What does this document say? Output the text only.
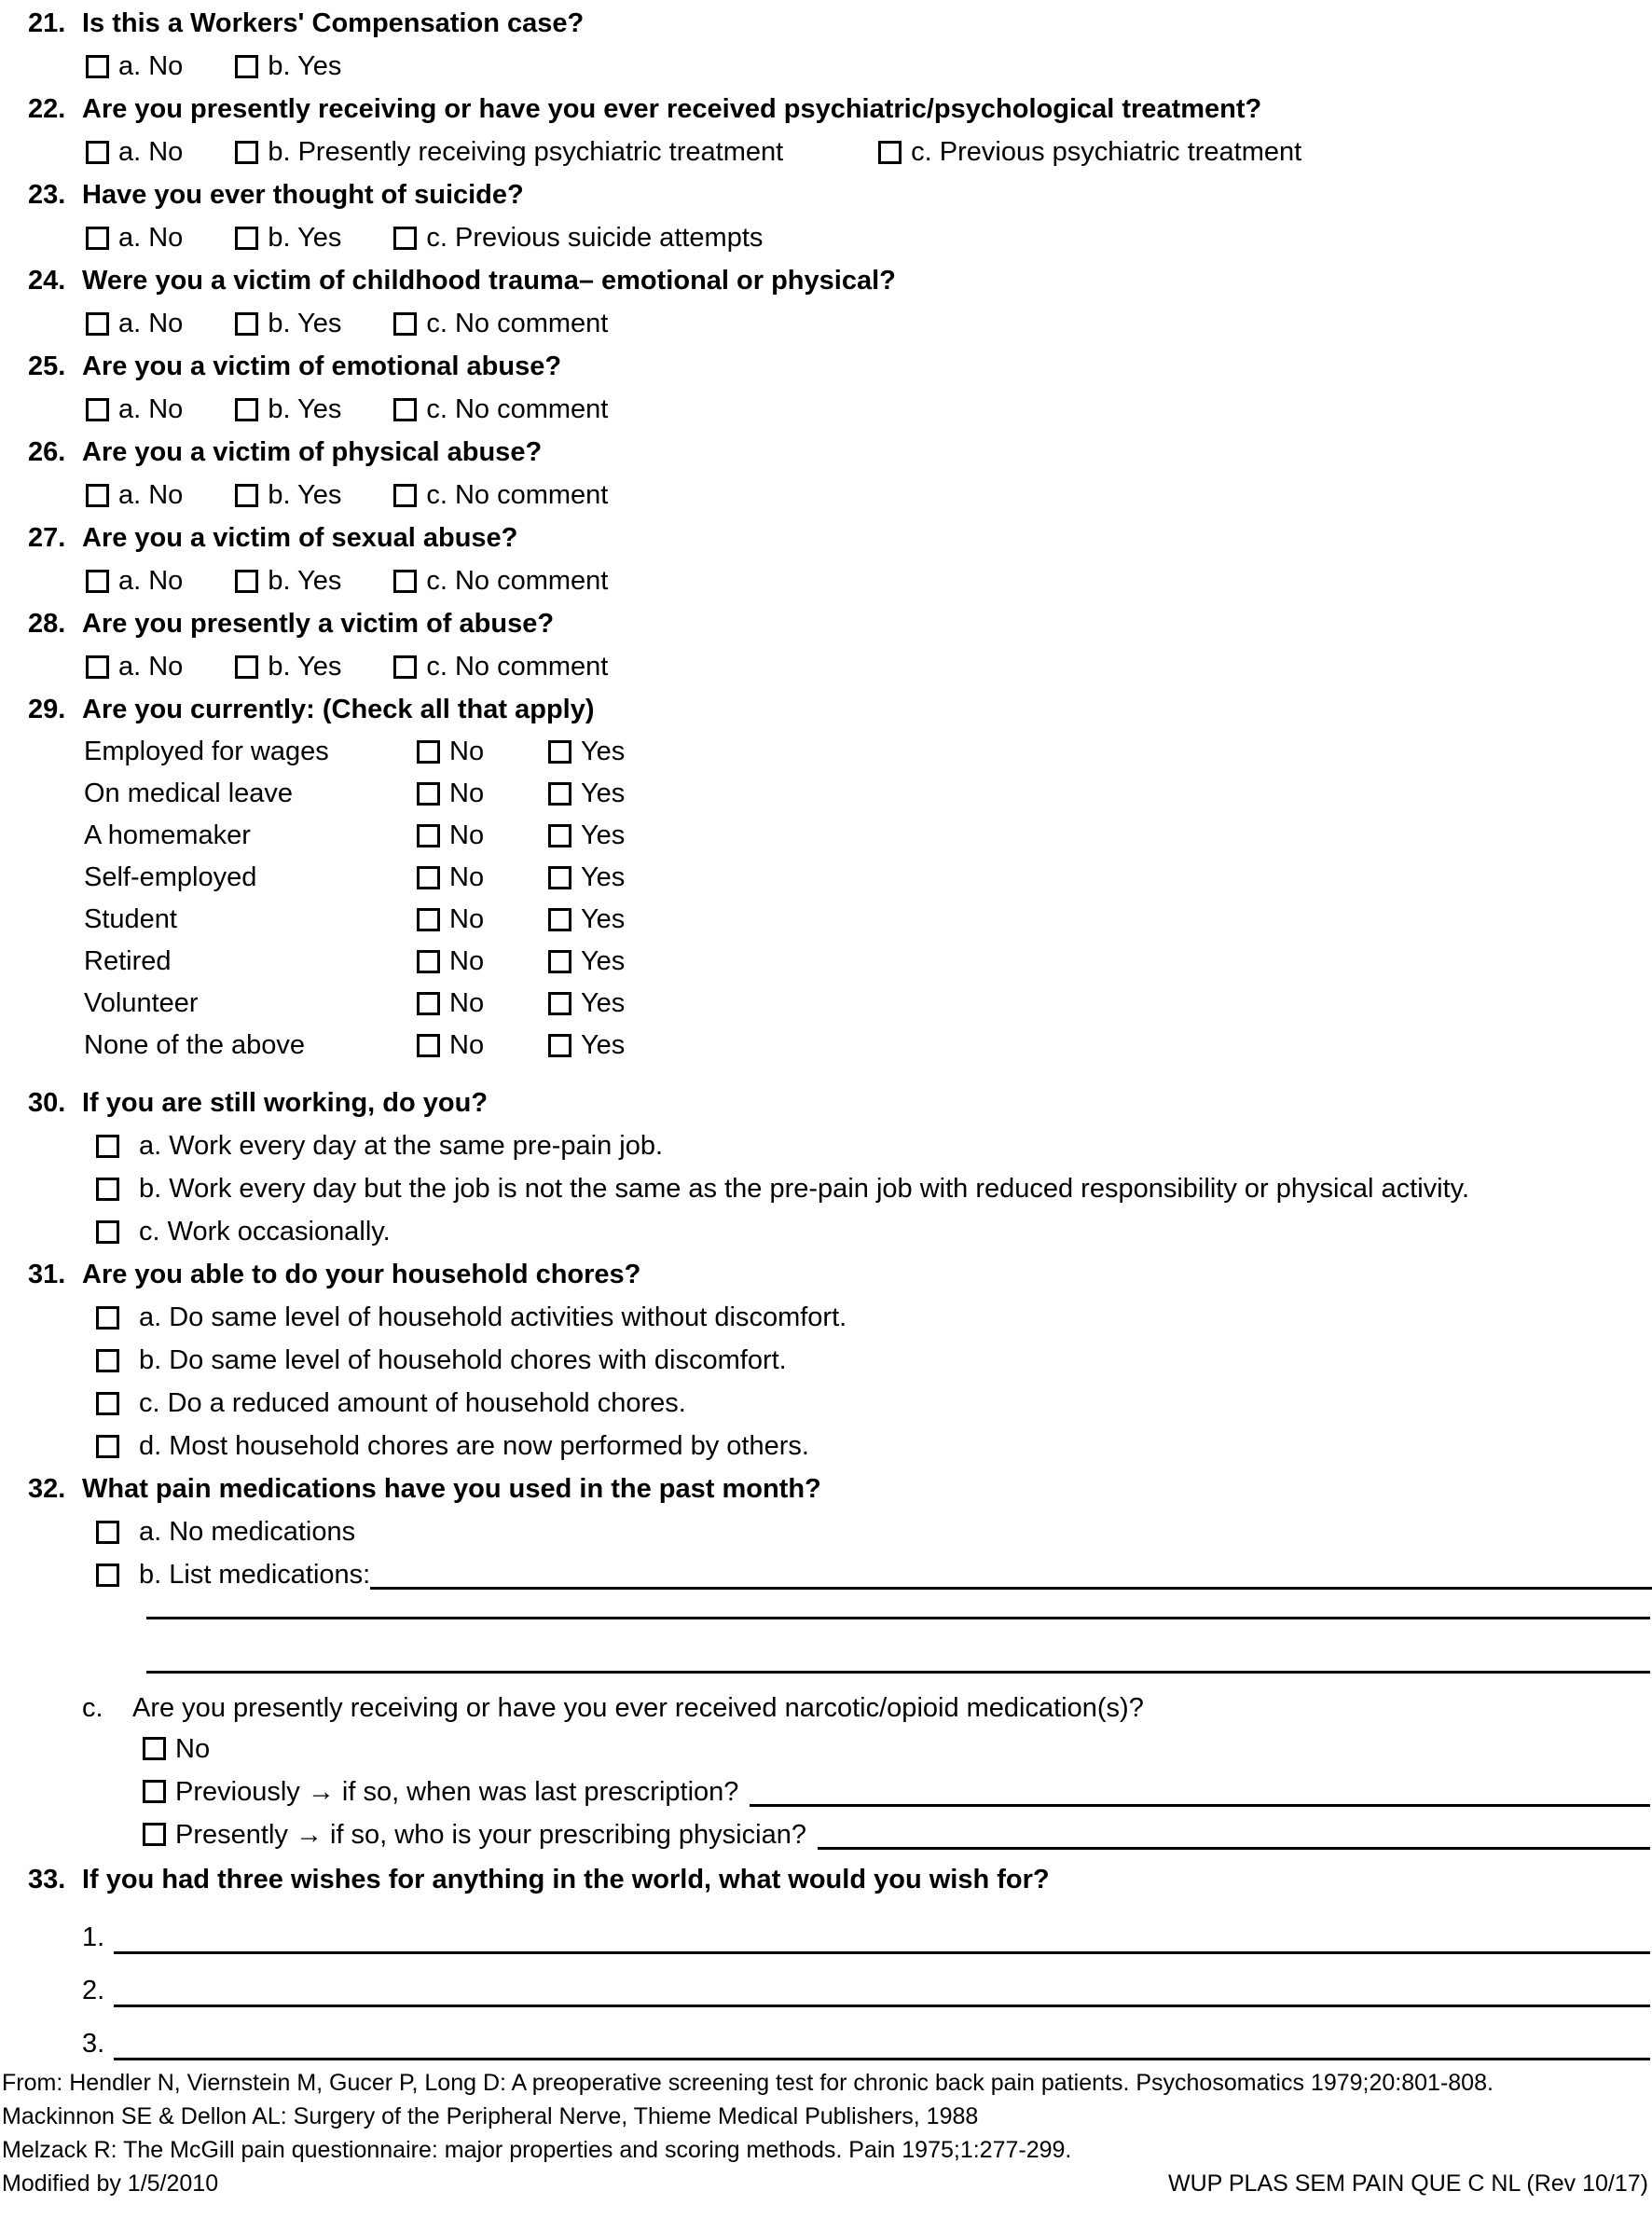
21. Is this a Workers' Compensation case?
a. No	b. Yes
22. Are you presently receiving or have you ever received psychiatric/psychological treatment?
a. No	b. Presently receiving psychiatric treatment	c. Previous psychiatric treatment
23. Have you ever thought of suicide?
a. No	b. Yes	c. Previous suicide attempts
24. Were you a victim of childhood trauma– emotional or physical?
a. No	b. Yes	c. No comment
25. Are you a victim of emotional abuse?
a. No	b. Yes	c. No comment
26. Are you a victim of physical abuse?
a. No	b. Yes	c. No comment
27. Are you a victim of sexual abuse?
a. No	b. Yes	c. No comment
28. Are you presently a victim of abuse?
a. No	b. Yes	c. No comment
29. Are you currently: (Check all that apply)
Employed for wages	No	Yes
On medical leave	No	Yes
A homemaker	No	Yes
Self-employed	No	Yes
Student	No	Yes
Retired	No	Yes
Volunteer	No	Yes
None of the above	No	Yes
30. If you are still working, do you?
a. Work every day at the same pre-pain job.
b. Work every day but the job is not the same as the pre-pain job with reduced responsibility or physical activity.
c. Work occasionally.
31. Are you able to do your household chores?
a. Do same level of household activities without discomfort.
b. Do same level of household chores with discomfort.
c. Do a reduced amount of household chores.
d. Most household chores are now performed by others.
32. What pain medications have you used in the past month?
a. No medications
b. List medications:
c.	Are you presently receiving or have you ever received narcotic/opioid medication(s)?
No
Previously → if so, when was last prescription?
Presently → if so, who is your prescribing physician?
33. If you had three wishes for anything in the world, what would you wish for?
1.
2.
3.
From: Hendler N, Viernstein M, Gucer P, Long D: A preoperative screening test for chronic back pain patients. Psychosomatics 1979;20:801-808.
Mackinnon SE & Dellon AL: Surgery of the Peripheral Nerve, Thieme Medical Publishers, 1988
Melzack R: The McGill pain questionnaire: major properties and scoring methods. Pain 1975;1:277-299.
Modified by 1/5/2010	WUP PLAS SEM PAIN QUE C NL (Rev 10/17)
